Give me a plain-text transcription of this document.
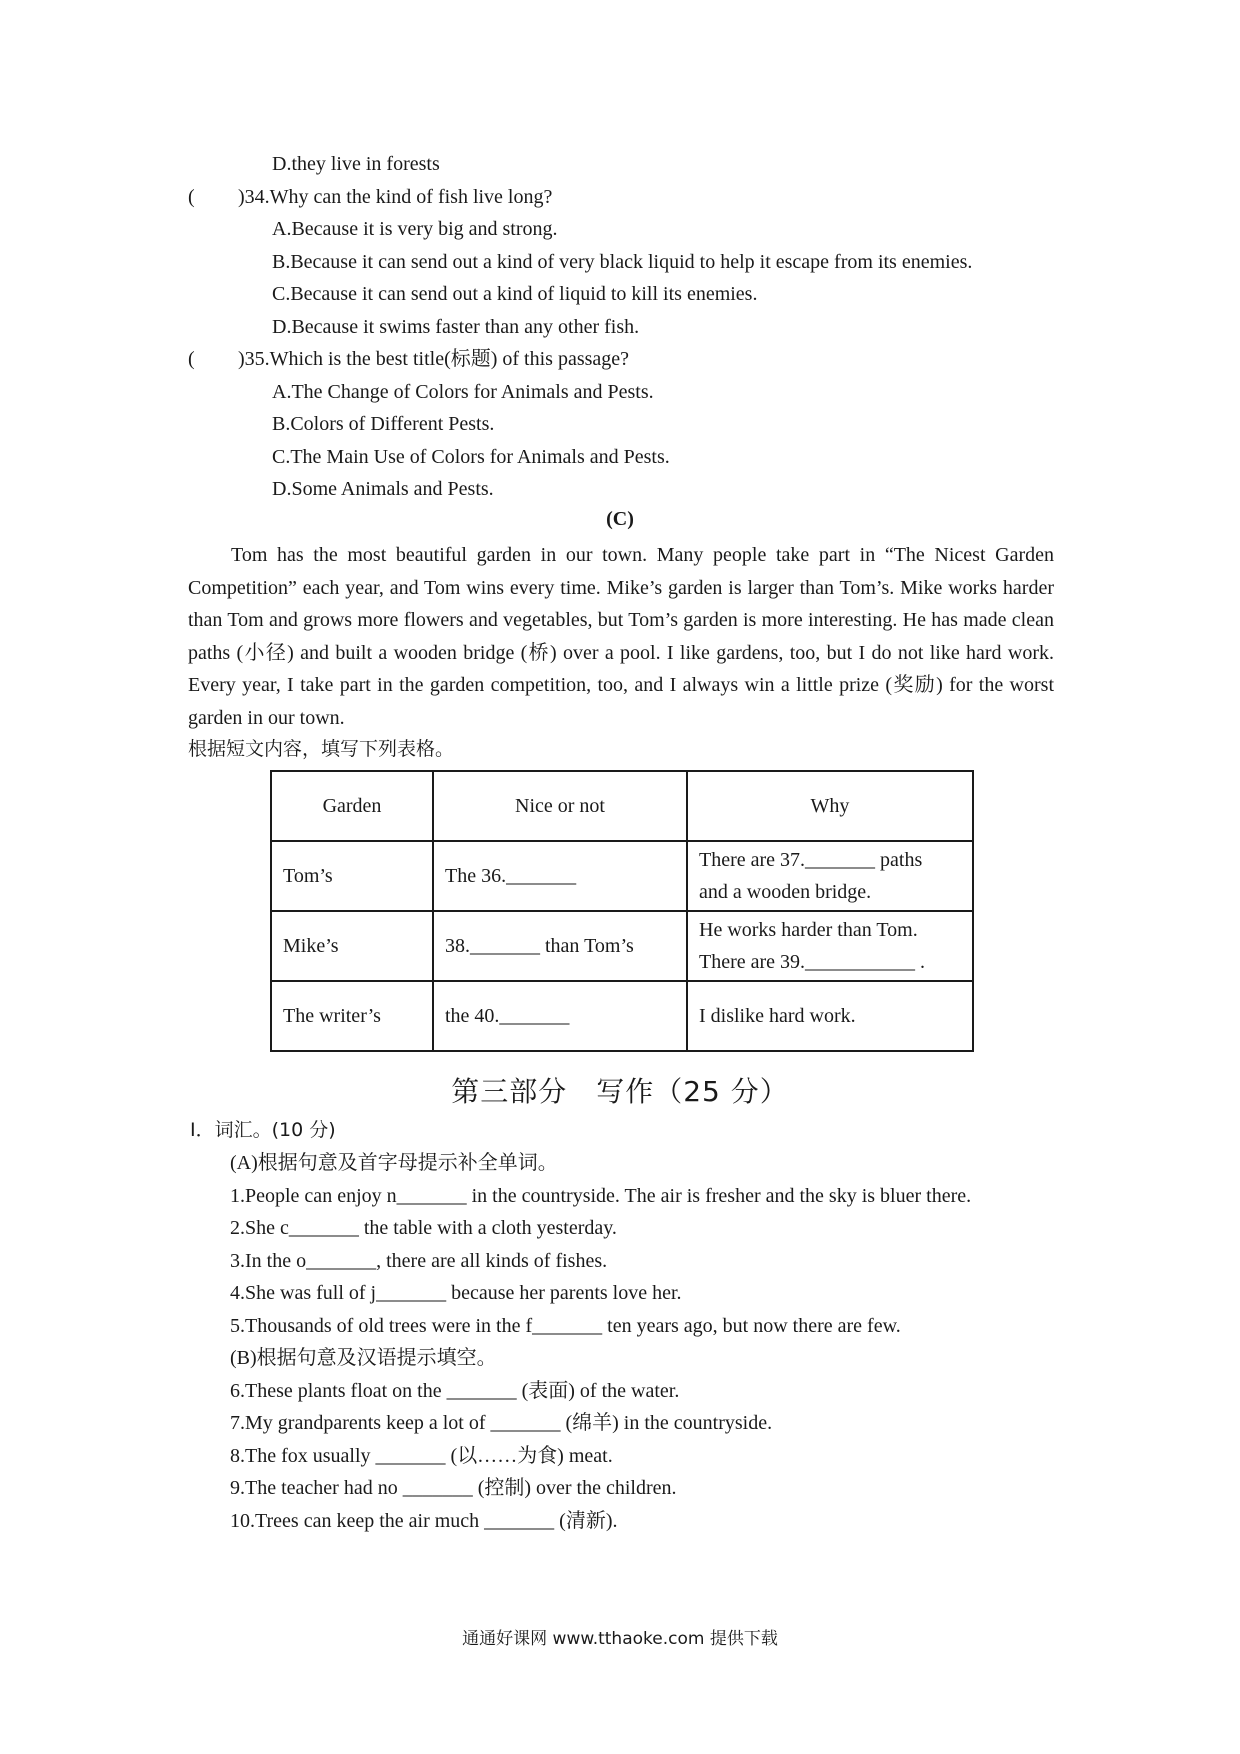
D.they live in forests
( )34.Why can the kind of fish live long?
A.Because it is very big and strong.
B.Because it can send out a kind of very black liquid to help it escape from its enemies.
C.Because it can send out a kind of liquid to kill its enemies.
D.Because it swims faster than any other fish.
( )35.Which is the best title(标题) of this passage?
A.The Change of Colors for Animals and Pests.
B.Colors of Different Pests.
C.The Main Use of Colors for Animals and Pests.
D.Some Animals and Pests.
(C)
Tom has the most beautiful garden in our town. Many people take part in “The Nicest Garden Competition” each year, and Tom wins every time. Mike’s garden is larger than Tom’s. Mike works harder than Tom and grows more flowers and vegetables, but Tom’s garden is more interesting. He has made clean paths (小径) and built a wooden bridge (桥) over a pool. I like gardens, too, but I do not like hard work. Every year, I take part in the garden competition, too, and I always win a little prize (奖励) for the worst garden in our town.
根据短文内容，填写下列表格。
Garden	Nice or not	Why
Tom’s	The 36._______	There are 37._______ paths
and a wooden bridge.

Mike’s	38._______ than Tom’s	He works harder than Tom.
There are 39.___________ .

The writer’s	the 40._______	I dislike hard work.
第三部分　写作（25 分）
Ⅰ．词汇。(10 分)
(A)根据句意及首字母提示补全单词。
1.People can enjoy n_______ in the countryside. The air is fresher and the sky is bluer there.
2.She c_______ the table with a cloth yesterday.
3.In the o_______, there are all kinds of fishes.
4.She was full of j_______ because her parents love her.
5.Thousands of old trees were in the f_______ ten years ago, but now there are few.
(B)根据句意及汉语提示填空。
6.These plants float on the _______ (表面) of the water.
7.My grandparents keep a lot of _______ (绵羊) in the countryside.
8.The fox usually _______ (以……为食) meat.
9.The teacher had no _______ (控制) over the children.
10.Trees can keep the air much _______ (清新).
通通好课网 www.tthaoke.com 提供下载
